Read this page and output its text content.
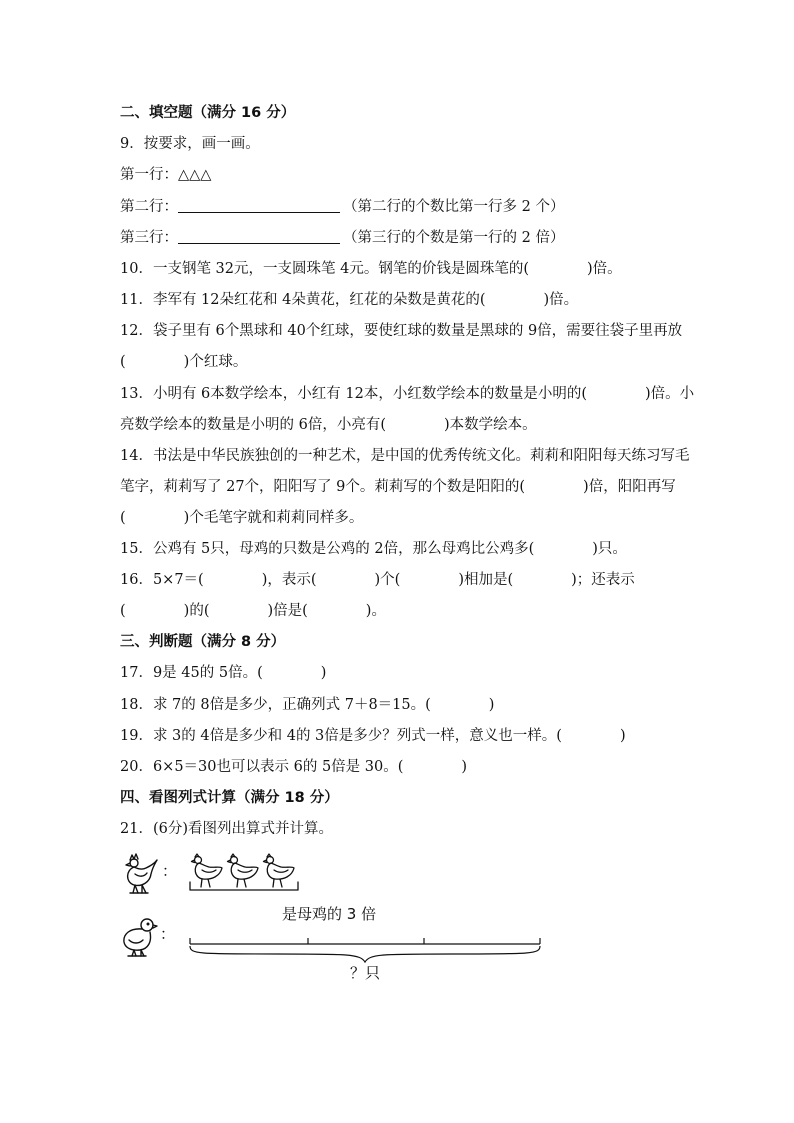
二、填空题（满分 16 分）
9．按要求，画一画。
第一行：△△△
第二行：	（第二行的个数比第一行多 2 个）
第三行：	（第三行的个数是第一行的 2 倍）
10．一支钢笔 32元，一支圆珠笔 4元。钢笔的价钱是圆珠笔的(　　　　)倍。
11．李军有 12朵红花和 4朵黄花，红花的朵数是黄花的(　　　　)倍。
12．袋子里有 6个黑球和 40个红球，要使红球的数量是黑球的 9倍，需要往袋子里再放
(　　　　)个红球。
13．小明有 6本数学绘本，小红有 12本，小红数学绘本的数量是小明的(　　　　)倍。小
亮数学绘本的数量是小明的 6倍，小亮有(　　　　)本数学绘本。
14．书法是中华民族独创的一种艺术，是中国的优秀传统文化。莉莉和阳阳每天练习写毛
笔字，莉莉写了 27个，阳阳写了 9个。莉莉写的个数是阳阳的(　　　　)倍，阳阳再写
(　　　　)个毛笔字就和莉莉同样多。
15．公鸡有 5只，母鸡的只数是公鸡的 2倍，那么母鸡比公鸡多(　　　　)只。
16．5×7＝(　　　　)，表示(　　　　)个(　　　　)相加是(　　　　)；还表示
(　　　　)的(　　　　)倍是(　　　　)。
三、判断题（满分 8 分）
17．9是 45的 5倍。(　　　　)
18．求 7的 8倍是多少，正确列式 7＋8＝15。(　　　　)
19．求 3的 4倍是多少和 4的 3倍是多少？列式一样，意义也一样。(　　　　)
20．6×5＝30也可以表示 6的 5倍是 30。(　　　　)
四、看图列式计算（满分 18 分）
21．(6分)看图列出算式并计算。
：
是母鸡的 3 倍
：
？只
